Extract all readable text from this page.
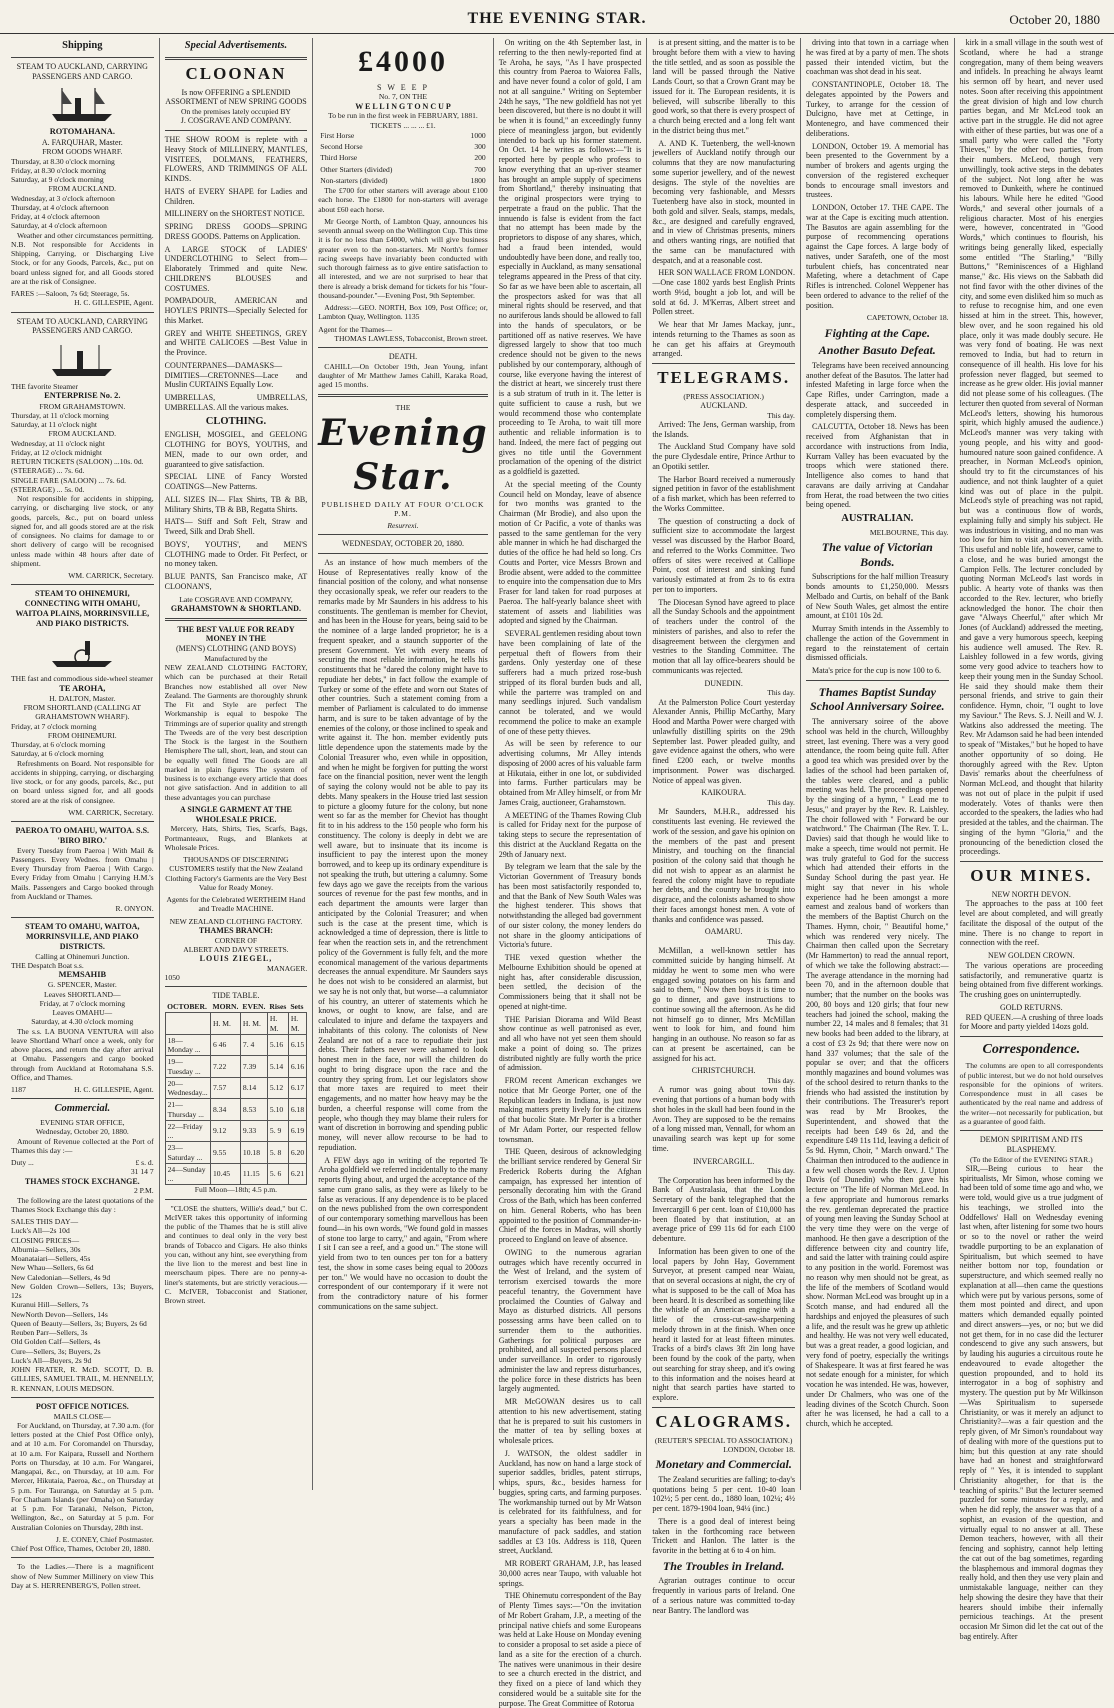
THE EVENING STAR.	October 20, 1880
Shipping
STEAM TO AUCKLAND, CARRYING PASSENGERS AND CARGO.
ROTOMAHANA.
A. FARQUHAR, Master.
FROM GOODS WHARF.
Thursday, at 8.30 o'clock morning
Friday, at 8.30 o'clock morning
Saturday, at 9 o'clock morning
FROM AUCKLAND.
Wednesday, at 3 o'clock afternoon
Thursday, at 4 o'clock afternoon
Friday, at 4 o'clock afternoon
Saturday, at 4 o'clock afternoon

Weather and other circumstances permitting. N.B. Not responsible for Accidents in Shipping, Carrying, or Discharging Live Stock, or for any Goods, Parcels, &c., put on board unless signed for, and all Goods stored are at the risk of Consignee.

FARES :—Saloon, 7s 6d; Steerage, 5s.
H. C. GILLESPIE, Agent.
STEAM TO AUCKLAND, CARRYING PASSENGERS AND CARGO.
THE favorite Steamer
ENTERPRISE No. 2.
FROM GRAHAMSTOWN.
Thursday, at 11 o'clock morning
Saturday, at 11 o'clock night
FROM AUCKLAND.
Wednesday, at 11 o'clock night
Friday, at 12 o'clock midnight
RETURN TICKETS (SALOON) ...10s. 0d.
(STEERAGE) ... 7s. 6d.
SINGLE FARE (SALOON) ... 7s. 6d.
(STEERAGE) ... 5s. 0d.

Not responsible for accidents in shipping, carrying, or discharging live stock, or any goods, parcels, &c., put on board unless signed for, and all goods stored are at the risk of consignees. No claims for damage to or short delivery of cargo will be recognised unless made within 48 hours after date of shipment.

WM. CARRICK, Secretary.
STEAM TO OHINEMURI, CONNECTING WITH OMAHU, WAITOA PLAINS, MORRINSVILLE, AND PIAKO DISTRICTS.
THE fast and commodious side-wheel steamer
TE AROHA,
H. DALTON, Master.
FROM SHORTLAND (CALLING AT GRAHAMSTOWN WHARF).
Friday, at 7 o'clock morning
FROM OHINEMURI.
Thursday, at 6 o'clock morning
Saturday, at 6 o'clock morning

Refreshments on Board. Not responsible for accidents in shipping, carrying, or discharging live stock, or for any goods, parcels, &c., put on board unless signed for, and all goods stored are at the risk of consignee.

WM. CARRICK, Secretary.
PAEROA TO OMAHU, WAITOA. S.S. 'BIRO BIRO.'

Every Tuesday from Paeroa | With Mail & Passengers. Every Wednes. from Omahu | Every Thursday from Paeroa | With Cargo. Every Friday from Omahu | Carrying H.M.'s Mails. Passengers and Cargo booked through from Auckland or Thames.

R. ONYON.
STEAM TO OMAHU, WAITOA, MORRINSVILLE, AND PIAKO DISTRICTS.
Calling at Ohinemuri Junction.
THE Despatch Boat s.s.
MEMSAHIB
G. SPENCER, Master.
Leaves SHORTLAND—
Friday, at 7 o'clock morning
Leaves OMAHU—
Saturday, at 4.30 o'clock morning

The s.s. LA BUONA VENTURA will also leave Shortland Wharf once a week, only for above places, and return the day after arrival at Omahu. Passengers and cargo booked through from Auckland at Rotomahana S.S. Office, and Thames.

1187	H. C. GILLESPIE, Agent.
Commercial.
EVENING STAR OFFICE,
Wednesday, October 20, 1880.

Amount of Revenue collected at the Port of Thames this day :—

Duty ...	£ s. d.
31 14 7
THAMES STOCK EXCHANGE.
2 P.M.

The following are the latest quotations of the Thames Stock Exchange this day :

SALES THIS DAY—
Luck's All—2s 10d
CLOSING PRICES—
Alburnia—Sellers, 30s
Moanataiari—Sellers, 45s
New Whau—Sellers, 6s 6d
New Caledonian—Sellers, 4s 9d
New Golden Crown—Sellers, 13s; Buyers, 12s
Kuranui Hill—Sellers, 7s
NewNorth Devon—Sellers, 14s
Queen of Beauty—Sellers, 3s; Buyers, 2s 6d
Reuben Parr—Sellers, 3s
Old Golden Calf—Sellers, 4s
Cure—Sellers, 3s; Buyers, 2s
Luck's All—Buyers, 2s 9d
JOHN FRATER, R. McD. SCOTT, D. B. GILLIES, SAMUEL TRAIL, M. HENNELLY, R. KENNAN, LOUIS MEDSON.
POST OFFICE NOTICES.
MAILS CLOSE—

For Auckland, on Thursday, at 7.30 a.m. (for letters posted at the Chief Post Office only), and at 10 a.m. For Coromandel on Thursday, at 10 a.m. For Kaipara, Russell and Northern Ports on Thursday, at 10 a.m. For Wangarei, Mangapai, &c., on Thursday, at 10 a.m. For Mercer, Hikutaia, Paeroa, &c., on Thursday at 5 p.m. For Tauranga, on Saturday at 5 p.m. For Chatham Islands (per Omaha) on Saturday at 5 p.m. For Taranaki, Nelson, Picton, Wellington, &c., on Saturday at 5 p.m. For Australian Colonies on Thursday, 28th inst.

J. E. CONEY, Chief Postmaster.
Chief Post Office, Thames, October 20, 1880.

To the Ladies.—There is a magnificent show of New Summer Millinery on view This Day at S. HERRENBERG'S, Pollen street.

Special Advertisements.
CLOONAN
Is now OFFERING a SPLENDID ASSORTMENT of NEW SPRING GOODS
On the premises lately occupied BY
J. COSGRAVE AND COMPANY.

THE SHOW ROOM is replete with a Heavy Stock of MILLINERY, MANTLES, VISITEES, DOLMANS, FEATHERS, FLOWERS, AND TRIMMINGS OF ALL KINDS.

HATS of EVERY SHAPE for Ladies and Children.

MILLINERY on the SHORTEST NOTICE.

SPRING DRESS GOODS—SPRING DRESS GOODS. Patterns on Application.

A LARGE STOCK of LADIES' UNDERCLOTHING to Select from—Elaborately Trimmed and quite New. CHILDREN'S BLOUSES and COSTUMES.

POMPADOUR, AMERICAN and HOYLE'S PRINTS—Specially Selected for this Market.

GREY and WHITE SHEETINGS, GREY and WHITE CALICOES —Best Value in the Province.

COUNTERPANES—DAMASKS—DIMITIES—CRETONNES—Lace and Muslin CURTAINS Equally Low.

UMBRELLAS, UMBRELLAS, UMBRELLAS. All the various makes.

CLOTHING.

ENGLISH, MOSGIEL, and GEELONG CLOTHING for BOYS, YOUTHS, and MEN, made to our own order, and guaranteed to give satisfaction.

SPECIAL LINE of Fancy Worsted COATINGS—New Patterns.

ALL SIZES IN— Flax Shirts, TB & BB, Military Shirts, TB & BB, Regatta Shirts.

HATS— Stiff and Soft Felt, Straw and Tweed, Silk and Drab Shell.

BOYS', YOUTHS', and MEN'S CLOTHING made to Order. Fit Perfect, or no money taken.

BLUE PANTS, San Francisco make, AT CLOONAN'S,

Late COSGRAVE AND COMPANY,
GRAHAMSTOWN & SHORTLAND.
THE BEST VALUE FOR READY MONEY IN THE
(MEN'S) CLOTHING (AND BOYS)
Manufactured by the

NEW ZEALAND CLOTHING FACTORY, which can be purchased at their Retail Branches now established all over New Zealand. The Garments are thoroughly shrunk The Fit and Style are perfect The Workmanship is equal to bespoke The Trimmings are of superior quality and strength The Tweeds are of the very best description The Stock is the largest in the Southern Hemisphere The tall, short, lean, and stout can be equally well fitted The Goods are all marked in plain figures The system of business is to exchange every article that does not give satisfaction. And in addition to all these advantages you can purchase

A SINGLE GARMENT AT THE WHOLESALE PRICE.

Mercery, Hats, Shirts, Ties, Scarfs, Bags, Portmanteaux, Rugs, and Blankets at Wholesale Prices.

THOUSANDS OF DISCERNING CUSTOMERS testify that the New Zealand Clothing Factory's Garments are the Very Best Value for Ready Money.

Agents for the Celebrated WERTHEIM Hand and Treadle MACHINE.

NEW ZEALAND CLOTHING FACTORY.
THAMES BRANCH:
CORNER OF
ALBERT AND DAVY STREETS.
LOUIS ZIEGEL,
MANAGER.
1050
TIDE TABLE.
OCTOBER.	MORN.	EVEN.	Rises	Sets
	H. M.	H. M.	H. M.	H. M.
18—Monday ...	6 46	7. 4	5.16	6.15
19—Tuesday ...	7.22	7.39	5.14	6.16
20—Wednesday...	7.57	8.14	5.12	6.17
21—Thursday ...	8.34	8.53	5.10	6.18
22—Friday ...	9.12	9.33	5. 9	6.19
23—Saturday ...	9.55	10.18	5. 8	6.20
24—Sunday ...	10.45	11.15	5. 6	6.21
Full Moon—18th; 4.5 p.m.

"CLOSE the shutters, Willie's dead," but C. McIVER takes this opportunity of informing the public of the Thames that he is still alive and continues to deal only in the very best brands of Tobacco and Cigars. He also thinks you can, without any hint, see everything from the live lion to the merest and best line in meerschaum pipes. There are no penny-a-liner's statements, but are strictly veracious.—C. McIVER, Tobacconist and Stationer, Brown street.

£4000
S W E E P
No. 7, ON THE
W E L L I N G T O N C U P
To be run in the first week in FEBRUARY, 1881.
TICKETS ... ... ... £1.
First Horse	1000
Second Horse	300
Third Horse	200
Other Starters (divided)	700
Non-starters (divided)	1800

The £700 for other starters will average about £100 each horse. The £1800 for non-starters will average about £60 each horse.

Mr George North, of Lambton Quay, announces his seventh annual sweep on the Wellington Cup. This time it is for no less than £4000, which will give business greater even to the non-starters. Mr North's former racing sweeps have invariably been conducted with such thorough fairness as to give entire satisfaction to all interested, and we are not surprised to hear that there is already a brisk demand for tickets for his "four-thousand-pounder."—Evening Post, 9th September.

Address:—GEO. NORTH, Box 109, Post Office; or, Lambton Quay, Wellington. 1135

Agent for the Thames—
THOMAS LAWLESS, Tobacconist, Brown street.
DEATH.

CAHILL—On October 19th, Jean Young, infant daughter of Mr Matthew James Cahill, Karaka Road, aged 15 months.

THE
Evening Star.
PUBLISHED DAILY AT FOUR O'CLOCK P.M.
Resurrexi.
WEDNESDAY, OCTOBER 20, 1880.

As an instance of how much members of the House of Representatives really know of the financial position of the colony, and what nonsense they occasionally speak, we refer our readers to the remarks made by Mr Saunders in his address to his constituents. The gentleman is member for Cheviot, and has been in the House for years, being said to be the nominee of a large landed proprietor; he is a frequent speaker, and a staunch supporter of the present Government. Yet with every means of securing the most reliable information, he tells his constituents that he "dared the colony might have to repudiate her debts," in fact follow the example of Turkey or some of the effete and worn out States of other countries. Such a statement coming from a member of Parliament is calculated to do immense harm, and is sure to be taken advantage of by the enemies of the colony, or those inclined to speak and write against it. The hon. member evidently puts little dependence upon the statements made by the Colonial Treasurer who, even while in opposition, and when he might be forgiven for putting the worst face on the financial position, never went the length of saying the colony would not be able to pay its debts. Many speakers in the House tried last session to picture a gloomy future for the colony, but none went so far as the member for Cheviot has thought fit to in his address to the 150 people who form his constituency. The colony is deeply in debt we are well aware, but to insinuate that its income is insufficient to pay the interest upon the money borrowed, and to keep up its ordinary expenditure is not speaking the truth, but uttering a calumny. Some few days ago we gave the receipts from the various sources of revenue for the past few months, and in each department the amounts were larger than anticipated by the Colonial Treasurer; and when such is the case at the present time, which is acknowledged a time of depression, there is little to fear when the reaction sets in, and the retrenchment policy of the Government is fully felt, and the more economical management of the various departments decreases the annual expenditure. Mr Saunders says he does not wish to be considered an alarmist, but we say he is not only that, but worse—a calumniator of his country, an utterer of statements which he knows, or ought to know, are false, and are calculated to injure and defame the taxpayers and inhabitants of this colony. The colonists of New Zealand are not of a race to repudiate their just debts. Their fathers never were ashamed to look honest men in the face, nor will the children do ought to bring disgrace upon the race and the country they spring from. Let our legislators show that more taxes are required to meet their engagements, and no matter how heavy may be the burden, a cheerful response will come from the people, who though they may blame their rulers for want of discretion in borrowing and spending public money, will never allow recourse to be had to repudiation.

A FEW days ago in writing of the reported Te Aroha goldfield we referred incidentally to the many reports flying about, and urged the acceptance of the same cum grano salis, as they were as likely to be false as veracious. If any dependence is to be placed on the news published from the own correspondent of our contemporary something marvellous has been found—in his own words, "We found gold in masses of stone too large to carry," and again, "From where I sit I can see a reef, and a good un." The stone will yield from two to ten ounces per ton for a battery test, the show in some cases being equal to 200ozs per ton." We would have no occasion to doubt the correspondent of our contemporary if it were not from the contradictory nature of his former communications on the same subject.

On writing on the 4th September last, in referring to the then newly-reported find at Te Aroha, he says, "As I have prospected this country from Paeroa to Waiorea Falls, and have never found a color of gold, I am not at all sanguine." Writing on September 24th he says, "The new goldfield has not yet been discovered, but there is no doubt it will be when it is found," an exceedingly funny piece of meaningless jargon, but evidently intended to back up his former statement. On Oct. 14 he writes as follows:—"It is reported here by people who profess to know everything that an up-river steamer has brought an ample supply of specimens from Shortland," thereby insinuating that the original prospectors were trying to perpetrate a fraud on the public. That the innuendo is false is evident from the fact that no attempt has been made by the proprietors to dispose of any shares, which, had a fraud been intended, would undoubtedly have been done, and really too, especially in Auckland, as many sensational telegrams appeared in the Press of that city. So far as we have been able to ascertain, all the prospectors asked for was that all mineral rights should be reserved, and that no auriferous lands should be allowed to fall into the hands of speculators, or be partitioned off as native reserves. We have digressed largely to show that too much credence should not be given to the news published by our contemporary, although of course, like everyone having the interest of the district at heart, we sincerely trust there is a sub stratum of truth in it. The letter is quite sufficient to cause a rush, but we would recommend those who contemplate proceeding to Te Aroha, to wait till more authentic and reliable information is to hand. Indeed, the mere fact of pegging out gives no title until the Government proclamation of the opening of the district as a goldfield is gazetted.

At the special meeting of the County Council held on Monday, leave of absence for two months was granted to the Chairman (Mr Brodie), and also upon the motion of Cr Pacific, a vote of thanks was passed to the same gentleman for the very able manner in which he had discharged the duties of the office he had held so long. Crs Coutts and Porter, vice Messrs Brown and Brodie absent, were added to the committee to enquire into the compensation due to Mrs Fraser for land taken for road purposes at Paeroa. The half-yearly balance sheet with statement of assets and liabilities was adopted and signed by the Chairman.

SEVERAL gentlemen residing about town have been complaining of late of the perpetual theft of flowers from their gardens. Only yesterday one of these sufferers had a much prized rose-bush stripped of its floral burden buds and all, while the parterre was trampled on and many seedlings injured. Such vandalism cannot be tolerated, and we would recommend the police to make an example of one of these petty thieves.

As will be seen by reference to our advertising columns, Mr Alley intends disposing of 2000 acres of his valuable farm at Hikutaia, either in one lot, or subdivided into farms. Further particulars may be obtained from Mr Alley himself, or from Mr James Craig, auctioneer, Grahamstown.

A MEETING of the Thames Rowing Club is called for Friday next for the purpose of taking steps to secure the representation of this district at the Auckland Regatta on the 29th of January next.

By telegram we learn that the sale by the Victorian Government of Treasury bonds has been most satisfactorily responded to, and that the Bank of New South Wales was the highest tenderer. This shows that notwithstanding the alleged bad government of our sister colony, the money lenders do not share in the gloomy anticipations of Victoria's future.

THE vexed question whether the Melbourne Exhibition should be opened at night has, after considerable discussion, been settled, the decision of the Commissioners being that it shall not be opened at night-time.

THE Parisian Diorama and Wild Beast show continue as well patronised as ever, and all who have not yet seen them should make a point of doing so. The prizes distributed nightly are fully worth the price of admission.

FROM recent American exchanges we notice that Mr George Porter, one of the Republican leaders in Indiana, is just now making matters pretty lively for the citizens of that bucolic State. Mr Porter is a brother of Mr Adam Porter, our respected fellow townsman.

THE Queen, desirous of acknowledging the brilliant service rendered by General Sir Frederick Roberts during the Afghan campaign, has expressed her intention of personally decorating him with the Grand Cross of the Bath, which has been conferred on him. General Roberts, who has been appointed to the position of Commander-in-Chief of the forces in Madras, will shortly proceed to England on leave of absence.

OWING to the numerous agrarian outrages which have recently occurred in the West of Ireland, and the system of terrorism exercised towards the more peaceful tenantry, the Government have proclaimed the Counties of Galway and Mayo as disturbed districts. All persons possessing arms have been called on to surrender them to the authorities. Gatherings for political purposes are prohibited, and all suspected persons placed under surveillance. In order to rigorously administer the law and repress disturbances, the police force in these districts has been largely augmented.

MR McGOWAN desires us to call attention to his new advertisement, stating that he is prepared to suit his customers in the matter of tea by selling boxes at wholesale prices.

J. WATSON, the oldest saddler in Auckland, has now on hand a large stock of superior saddles, bridles, patent stirrups, whips, spurs, &c., besides harness for buggies, spring carts, and farming purposes. The workmanship turned out by Mr Watson is celebrated for its faithfulness, and for years a specialty has been made in the manufacture of pack saddles, and station saddles at £3 10s. Address is 118, Queen street, Auckland.

MR ROBERT GRAHAM, J.P., has leased 30,000 acres near Taupo, with valuable hot springs.

THE Ohinemutu correspondent of the Bay of Plenty Times says:—"On the invitation of Mr Robert Graham, J.P., a meeting of the principal native chiefs and some Europeans was held at Lake House on Monday evening to consider a proposal to set aside a piece of land as a site for the erection of a church. The natives were unanimous in their desire to see a church erected in the district, and they fixed on a piece of land which they considered would be a suitable site for the purpose. The Great Committee of Rotorua

is at present sitting, and the matter is to be brought before them with a view to having the title settled, and as soon as possible the land will be passed through the Native Lands Court, so that a Crown Grant may be issued for it. The European residents, it is believed, will subscribe liberally to this good work, so that there is every prospect of a church being erected and a long felt want in the district being thus met."

A. AND K. Tuetenberg, the well-known jewellers of Auckland notify through our columns that they are now manufacturing some superior jewellery, and of the newest designs. The style of the novelties are becoming very fashionable, and Messrs Tuetenberg have also in stock, mounted in both gold and silver. Seals, stamps, medals, &c., are designed and carefully engraved, and in view of Christmas presents, miners and others wanting rings, are notified that the same can be manufactured with despatch, and at a reasonable cost.

HER SON WALLACE FROM LONDON.—One case 1802 yards best English Prints worth 9½d, bought a job lot, and will be sold at 6d. J. M'Kerras, Albert street and Pollen street.

We hear that Mr James Mackay, junr., intends returning to the Thames as soon as he can get his affairs at Greymouth arranged.

TELEGRAMS.
(PRESS ASSOCIATION.)
AUCKLAND.
This day.

Arrived: The Jens, German warship, from the Islands.

The Auckland Stud Company have sold the pure Clydesdale entire, Prince Arthur to an Opotiki settler.

The Harbor Board received a numerously signed petition in favor of the establishment of a fish market, which has been referred to the Works Committee.

The question of constructing a dock of sufficient size to accommodate the largest vessel was discussed by the Harbor Board, and referred to the Works Committee. Two offers of sites were received at Calliope Point, cost of interest and sinking fund variously estimated at from 2s to 6s extra per ton to importers.

The Diocesan Synod have agreed to place all the Sunday Schools and the appointment of teachers under the control of the ministers of parishes, and also to refer the disagreement between the clergymen and vestries to the Standing Committee. The motion that all lay office-bearers should be communicants was rejected.

DUNEDIN.
This day.

At the Palmerston Police Court yesterday Alexander Annis, Phillip McCarthy, Mary Hood and Martha Power were charged with unlawfully distilling spirits on the 29th September last. Power pleaded guilty, and gave evidence against the others, who were fined £200 each, or twelve months imprisonment. Power was discharged. Notice of appeal was given.

KAIKOURA.
This day.

Mr Saunders, M.H.R., addressed his constituents last evening. He reviewed the work of the session, and gave his opinion on the members of the past and present Ministry, and touching on the financial position of the colony said that though he did not wish to appear as an alarmist he feared the colony might have to repudiate her debts, and the country be brought into disgrace, and the colonists ashamed to show their faces amongst honest men. A vote of thanks and confidence was passed.

OAMARU.
This day.

McMillan, a well-known settler has committed suicide by hanging himself. At midday he went to some men who were engaged sowing potatoes on his farm and said to them, " Now then boys it is time to go to dinner, and gave instructions to continue sowing all the afternoon. As he did not himself go to dinner, Mrs McMillan went to look for him, and found him hanging in an outhouse. No reason so far as can at present be ascertained, can be assigned for his act.

CHRISTCHURCH.
This day.

A rumor was going about town this evening that portions of a human body with shot holes in the skull had been found in the Avon. They are supposed to be the remains of a long missed man, Vennall, for whom an unavailing search was kept up for some time.

INVERCARGILL.
This day.

The Corporation has been informed by the Bank of Australasia, that the London Secretary of the bank telegraphed that the Invercargill 6 per cent. loan of £10,000 has been floated by that institution, at an average price of £99 11s 6d for each £100 debenture.

Information has been given to one of the local papers by John Hay, Government Surveyor, at present camped near Waiau, that on several occasions at night, the cry of what is supposed to be the call of Moa has been heard. It is described as something like the whistle of an American engine with a little of the cross-cut-saw-sharpening melody thrown in at the finish. When once heard it lasted for at least fifteen minutes. Tracks of a bird's claws 3ft 2in long have been found by the cook of the party, when out searching for stray sheep, and it's owing to this information and the noises heard at night that search parties have started to explore.

CALOGRAMS.
(REUTER'S SPECIAL TO ASSOCIATION.)
LONDON, October 18.
Monetary and Commercial.

The Zealand securities are falling; to-day's quotations being 5 per cent. 10-40 loan 102½; 5 per cent. do., 1880 loan, 102¼; 4½ per cent. 1879-1904 loan, 94¼ (inc.)

There is a good deal of interest being taken in the forthcoming race between Trickett and Hanlon. The latter is the favorite in the betting at 6 to 4 on him.

The Troubles in Ireland.

Agrarian outrages continue to occur frequently in various parts of Ireland. One of a serious nature was committed to-day near Bantry. The landlord was

driving into that town in a carriage when he was fired at by a party of men. The shots passed their intended victim, but the coachman was shot dead in his seat.

CONSTANTINOPLE, October 18. The delegates appointed by the Powers and Turkey, to arrange for the cession of Dulcigno, have met at Cettinge, in Montenegro, and have commenced their deliberations.

LONDON, October 19. A memorial has been presented to the Government by a number of brokers and agents urging the conversion of the registered exchequer bonds to encourage small investors and trustees.

LONDON, October 17. THE CAPE. The war at the Cape is exciting much attention. The Basutos are again assembling for the purpose of recommencing operations against the Cape forces. A large body of natives, under Sarafeth, one of the most turbulent chiefs, has concentrated near Mafeting, where a detachment of Cape Rifles is intrenched. Colonel Weppener has been ordered to advance to the relief of the position.

CAPETOWN, October 18.
Fighting at the Cape.
Another Basuto Defeat.

Telegrams have been received announcing another defeat of the Basutos. The latter had infested Mafeting in large force when the Cape Rifles, under Carrington, made a desperate attack, and succeeded in completely dispersing them.

CALCUTTA, October 18. News has been received from Afghanistan that in accordance with instructions from India, Kurram Valley has been evacuated by the troops which were stationed there. Intelligence also comes to hand that caravans are daily arriving at Candahar from Herat, the road between the two cities being opened.

AUSTRALIAN.
MELBOURNE, This day.
The value of Victorian Bonds.

Subscriptions for the half million Treasury bonds amounts to £1,250,000. Messrs Melbado and Curtis, on behalf of the Bank of New South Wales, get almost the entire amount, at £101 10s 2d.

Murray Smith intends in the Assembly to challenge the action of the Government in regard to the reinstatement of certain dismissed officials.

Mata's price for the cup is now 100 to 6.

Thames Baptist Sunday School Anniversary Soiree.

The anniversary soiree of the above school was held in the church, Willoughby street, last evening. There was a very good attendance, the room being quite full. After a good tea which was presided over by the ladies of the school had been partaken of, the tables were cleared, and a public meeting was held. The proceedings opened by the singing of a hymn, " Lead me to Jesus," and prayer by the Rev. R. Laishley. The choir followed with " Forward be our watchword." The Chairman (The Rev. T. L. Davies) said that though he would like to make a speech, time would not permit. He was truly grateful to God for the success which had attended their efforts in the Sunday School during the past year. He might say that never in his whole experience had he been amongst a more earnest and zealous band of workers than the members of the Baptist Church on the Thames. Hymn, choir, " Beautiful home," which was rendered very nicely. The Chairman then called upon the Secretary (Mr Hammerton) to read the annual report, of which we take the following abstract:—The average attendance in the morning had been 70, and in the afternoon double that number; that the number on the books was 200, 80 boys and 120 girls; that four new teachers had joined the school, making the number 22, 14 males and 8 females; that 31 new books had been added to the library, at a cost of £3 2s 9d; that there were now on hand 337 volumes; that the sale of the popular se over; and that the officers monthly magazines and bound volumes was of the school desired to return thanks to the friends who had assisted the institution by their contributions. The Treasurer's report was read by Mr Brookes, the Superintendent, and showed that the receipts had been £49 6s 2d, and the expenditure £49 11s 11d, leaving a deficit of 5s 9d. Hymn, Choir, " March onward." The Chairman then introduced to the audience in a few well chosen words the Rev. J. Upton Davis (of Dunedin) who then gave his lecture on "The life of Norman McLeod. In a few appropriate and humorous remarks the rev. gentleman deprecated the practice of young men leaving the Sunday School at the very time they were on the verge of manhood. He then gave a description of the difference between city and country life, and said the latter with training could aspire to any position in the world. Foremost was no reason why men should not be great, as the life of the members of Scotland would show. Norman McLeod was brought up in a Scotch manse, and had endured all the hardships and enjoyed the pleasures of such a life, and the result was he grew up athletic and healthy. He was not very well educated, but was a great reader, a good logician, and very fond of poetry, especially the writings of Shakespeare. It was at first feared he was not sedate enough for a minister, for which vocation he was intended. He was, however, under Dr Chalmers, who was one of the leading divines of the Scotch Church. Soon after he was licensed, he had a call to a church, which he accepted.

kirk in a small village in the south west of Scotland, where he had a strange congregation, many of them being weavers and infidels. In preaching he always learnt his sermon off by heart, and never used notes. Soon after receiving this appointment the great division of high and low church parties began, and Mr McLeod took an active part in the struggle. He did not agree with either of these parties, but was one of a small party who were called the "Forty Thieves," by the other two parties, from their numbers. McLeod, though very unwillingly, took active steps in the debates of the subject. Not long after he was removed to Dunkeith, where he continued his labours. While here he edited "Good Words," and several other journals of a religious character. Most of his energies were, however, concentrated in "Good Words," which continues to flourish, his writings being generally liked, especially some entitled "The Starling," "Billy Buttons," "Reminiscences of a Highland manse," &c. His views on the Sabbath did not find favor with the other divines of the city, and some even disliked him so much as to refuse to recognise him, and one even hissed at him in the street. This, however, blew over, and he soon regained his old place, only it was made doubly secure. He was very fond of boating. He was next removed to India, but had to return in consequence of ill health. His love for his profession never flagged, but seemed to increase as he grew older. His jovial manner did not please some of his colleagues. (The lecturer then quoted from several of Norman McLeod's letters, showing his humorous spirit, which highly amused the audience.) McLeod's manner was very taking with young people, and his witty and good-humoured nature soon gained confidence. A preacher, in Norman McLeod's opinion, should try to fit the circumstances of his audience, and not think laughter of a quiet kind was out of place in the pulpit. McLeod's style of preaching was not rapid, but was a continuous flow of words, explaining fully and simply his subject. He was industrious in visiting, and no man was too low for him to visit and converse with. This useful and noble life, however, came to a close, and he was buried amongst the Campion Fells. The lecturer concluded by quoting Norman McLeod's last words in public. A hearty vote of thanks was then accorded to the Rev. lecturer, who briefly acknowledged the honor. The choir then gave "Always Cheerful," after which Mr Jones (of Auckland) addressed the meeting, and gave a very humorous speech, keeping his audience well amused. The Rev. R. Laishley followed in a few words, giving some very good advice to teachers how to keep their young men in the Sunday School. He said they should make them their personal friends, and strive to gain their confidence. Hymn, choir, "I ought to love my Saviour." The Revs. S. J. Neill and W. J. Watkins also addressed the meeting. The Rev. Mr Adamson said he had been intended to speak of "Mistakes," but he hoped to have another opportunity of so doing. He thoroughly agreed with the Rev. Upton Davis' remarks about the cheerfulness of Norman McLeod, and thought that hilarity was not out of place in the pulpit if used moderately. Votes of thanks were then accorded to the speakers, the ladies who had presided at the tables, and the chairman. The singing of the hymn "Gloria," and the pronouncing of the benediction closed the proceedings.

OUR MINES.
NEW NORTH DEVON.

The approaches to the pass at 100 feet level are about completed, and will greatly facilitate the disposal of the output of the mine. There is no change to report in connection with the reef.

NEW GOLDEN CROWN.

The various operations are proceeding satisfactorily, and remunerative quartz is being obtained from five different workings. The crushing goes on uninterruptedly.

GOLD RETURNS.

RED QUEEN.—A crushing of three loads for Moore and party yielded 14ozs gold.

Correspondence.

The columns are open to all correspondents of public interest, but we do not hold ourselves responsible for the opinions of writers. Correspondence must in all cases be authenticated by the real name and address of the writer—not necessarily for publication, but as a guarantee of good faith.

DEMON SPIRITISM AND ITS BLASPHEMY.
(To the Editor of the EVENING STAR.)

SIR,—Being curious to hear the spiritualists, Mr Simon, whose coming we had been told of some time ago and who, we were told, would give us a true judgment of his teachings, we strolled into the Oddfellows' Hall on Wednesday evening last when, after listening for some two hours or so to the novel or rather the weird twaddle purporting to be an explanation of Spiritualism, but which seemed to have neither bottom nor top, foundation or superstructure, and which seemed really no explanation at all—then came the questions which were put by various persons, some of them most pointed and direct, and upon matters which demanded equally pointed and direct answers—yes, or no; but we did not get them, for in no case did the lecturer condescend to give any such answers, but by lauding his auguries a circuitous route he endeavoured to evade altogether the question propounded, and to hold its interrogator in a bog of sophistry and mystery. The question put by Mr Wilkinson—Was Spiritualism to supersede Christianity, or was it merely an adjunct to Christianity?—was a fair question and the reply given, of Mr Simon's roundabout way of dealing with more of the questions put to him; but this question at any rate should have had an honest and straightforward reply of " Yes, it is intended to supplant Christianity altogether, for that is the teaching of spirits." But the lecturer seemed puzzled for some minutes for a reply, and when he did reply, the answer was that of a sophist, an evasion of the question, and virtually equal to no answer at all. These Demon teachers, however, with all their fencing and sophistry, cannot help letting the cat out of the bag sometimes, regarding the blasphemous and immoral dogmas they really hold, and then they use very plain and unmistakable language, neither can they help showing the desire they have that their hearers should imbibe their infernally pernicious teachings. At the present occasion Mr Simon did let the cat out of the bag entirely. After
